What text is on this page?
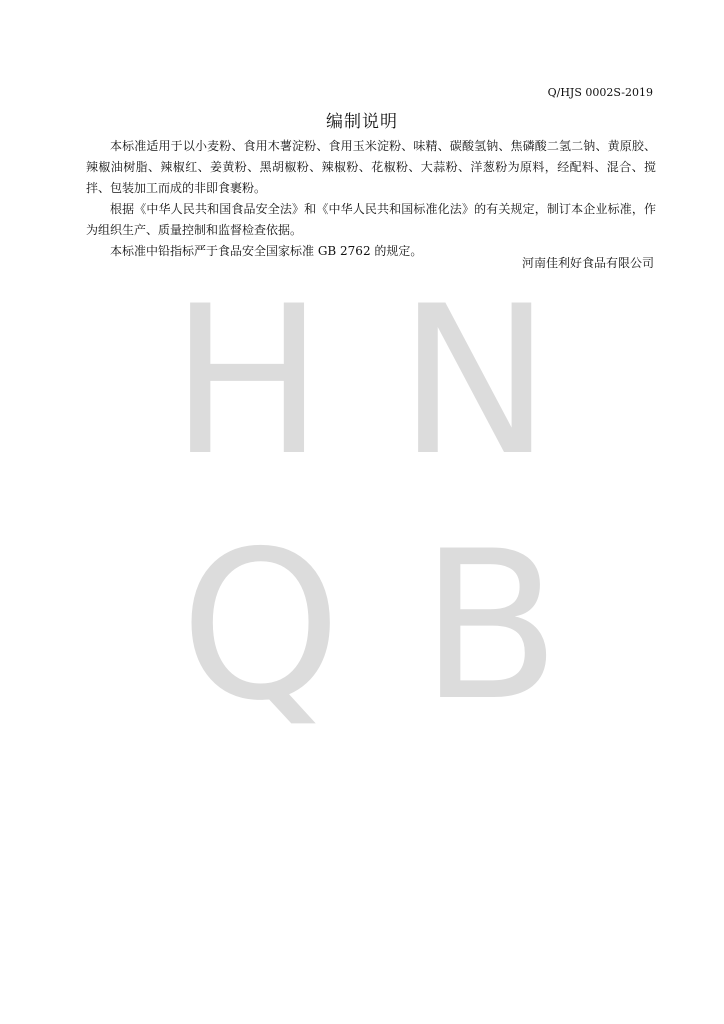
H N
Q B
Q/HJS 0002S-2019
编制说明

本标准适用于以小麦粉、食用木薯淀粉、食用玉米淀粉、味精、碳酸氢钠、焦磷酸二氢二钠、黄原胶、辣椒油树脂、辣椒红、姜黄粉、黑胡椒粉、辣椒粉、花椒粉、大蒜粉、洋葱粉为原料，经配料、混合、搅拌、包装加工而成的非即食裹粉。

根据《中华人民共和国食品安全法》和《中华人民共和国标准化法》的有关规定，制订本企业标准，作为组织生产、质量控制和监督检查依据。

本标准中铅指标严于食品安全国家标准 GB 2762 的规定。

河南佳利好食品有限公司
